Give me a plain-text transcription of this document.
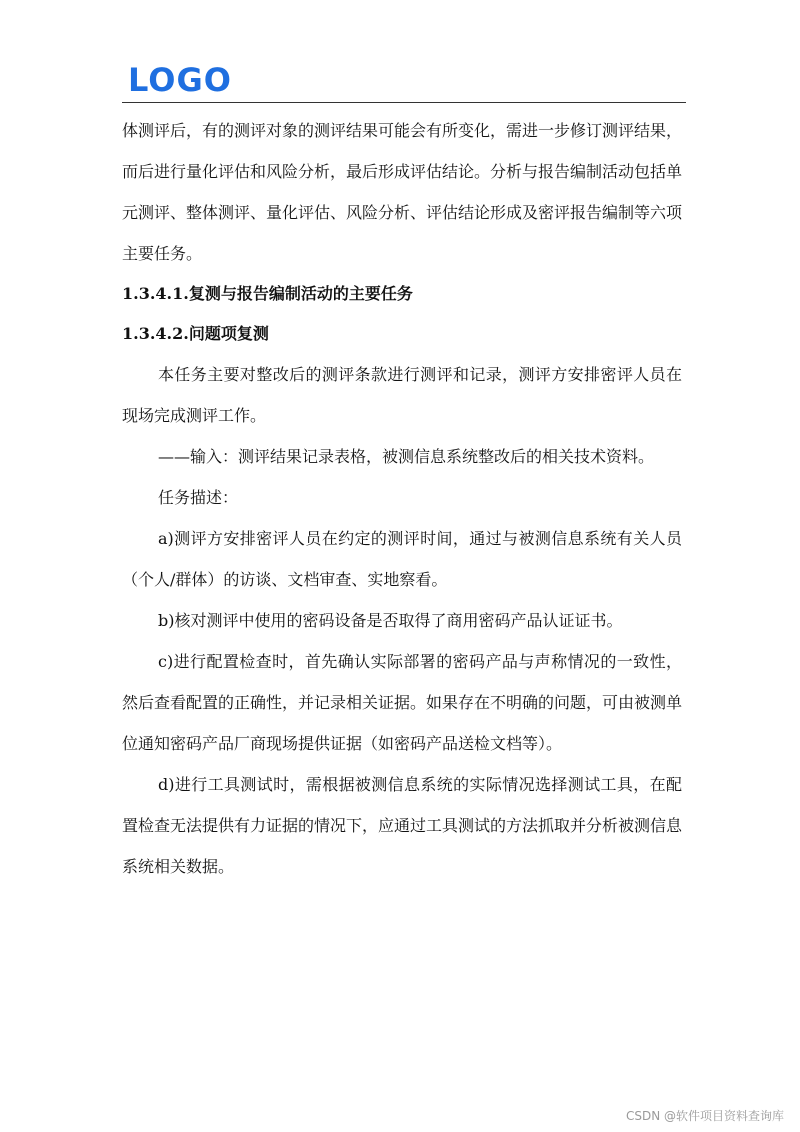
LOGO

体测评后，有的测评对象的测评结果可能会有所变化，需进一步修订测评结果，而后进行量化评估和风险分析，最后形成评估结论。分析与报告编制活动包括单元测评、整体测评、量化评估、风险分析、评估结论形成及密评报告编制等六项主要任务。

1.3.4.1.复测与报告编制活动的主要任务

1.3.4.2.问题项复测

本任务主要对整改后的测评条款进行测评和记录，测评方安排密评人员在现场完成测评工作。

——输入：测评结果记录表格，被测信息系统整改后的相关技术资料。

任务描述：

a)测评方安排密评人员在约定的测评时间，通过与被测信息系统有关人员（个人/群体）的访谈、文档审查、实地察看。

b)核对测评中使用的密码设备是否取得了商用密码产品认证证书。

c)进行配置检查时，首先确认实际部署的密码产品与声称情况的一致性，然后查看配置的正确性，并记录相关证据。如果存在不明确的问题，可由被测单位通知密码产品厂商现场提供证据（如密码产品送检文档等）。

d)进行工具测试时，需根据被测信息系统的实际情况选择测试工具，在配置检查无法提供有力证据的情况下，应通过工具测试的方法抓取并分析被测信息系统相关数据。

CSDN @软件项目资料查询库
